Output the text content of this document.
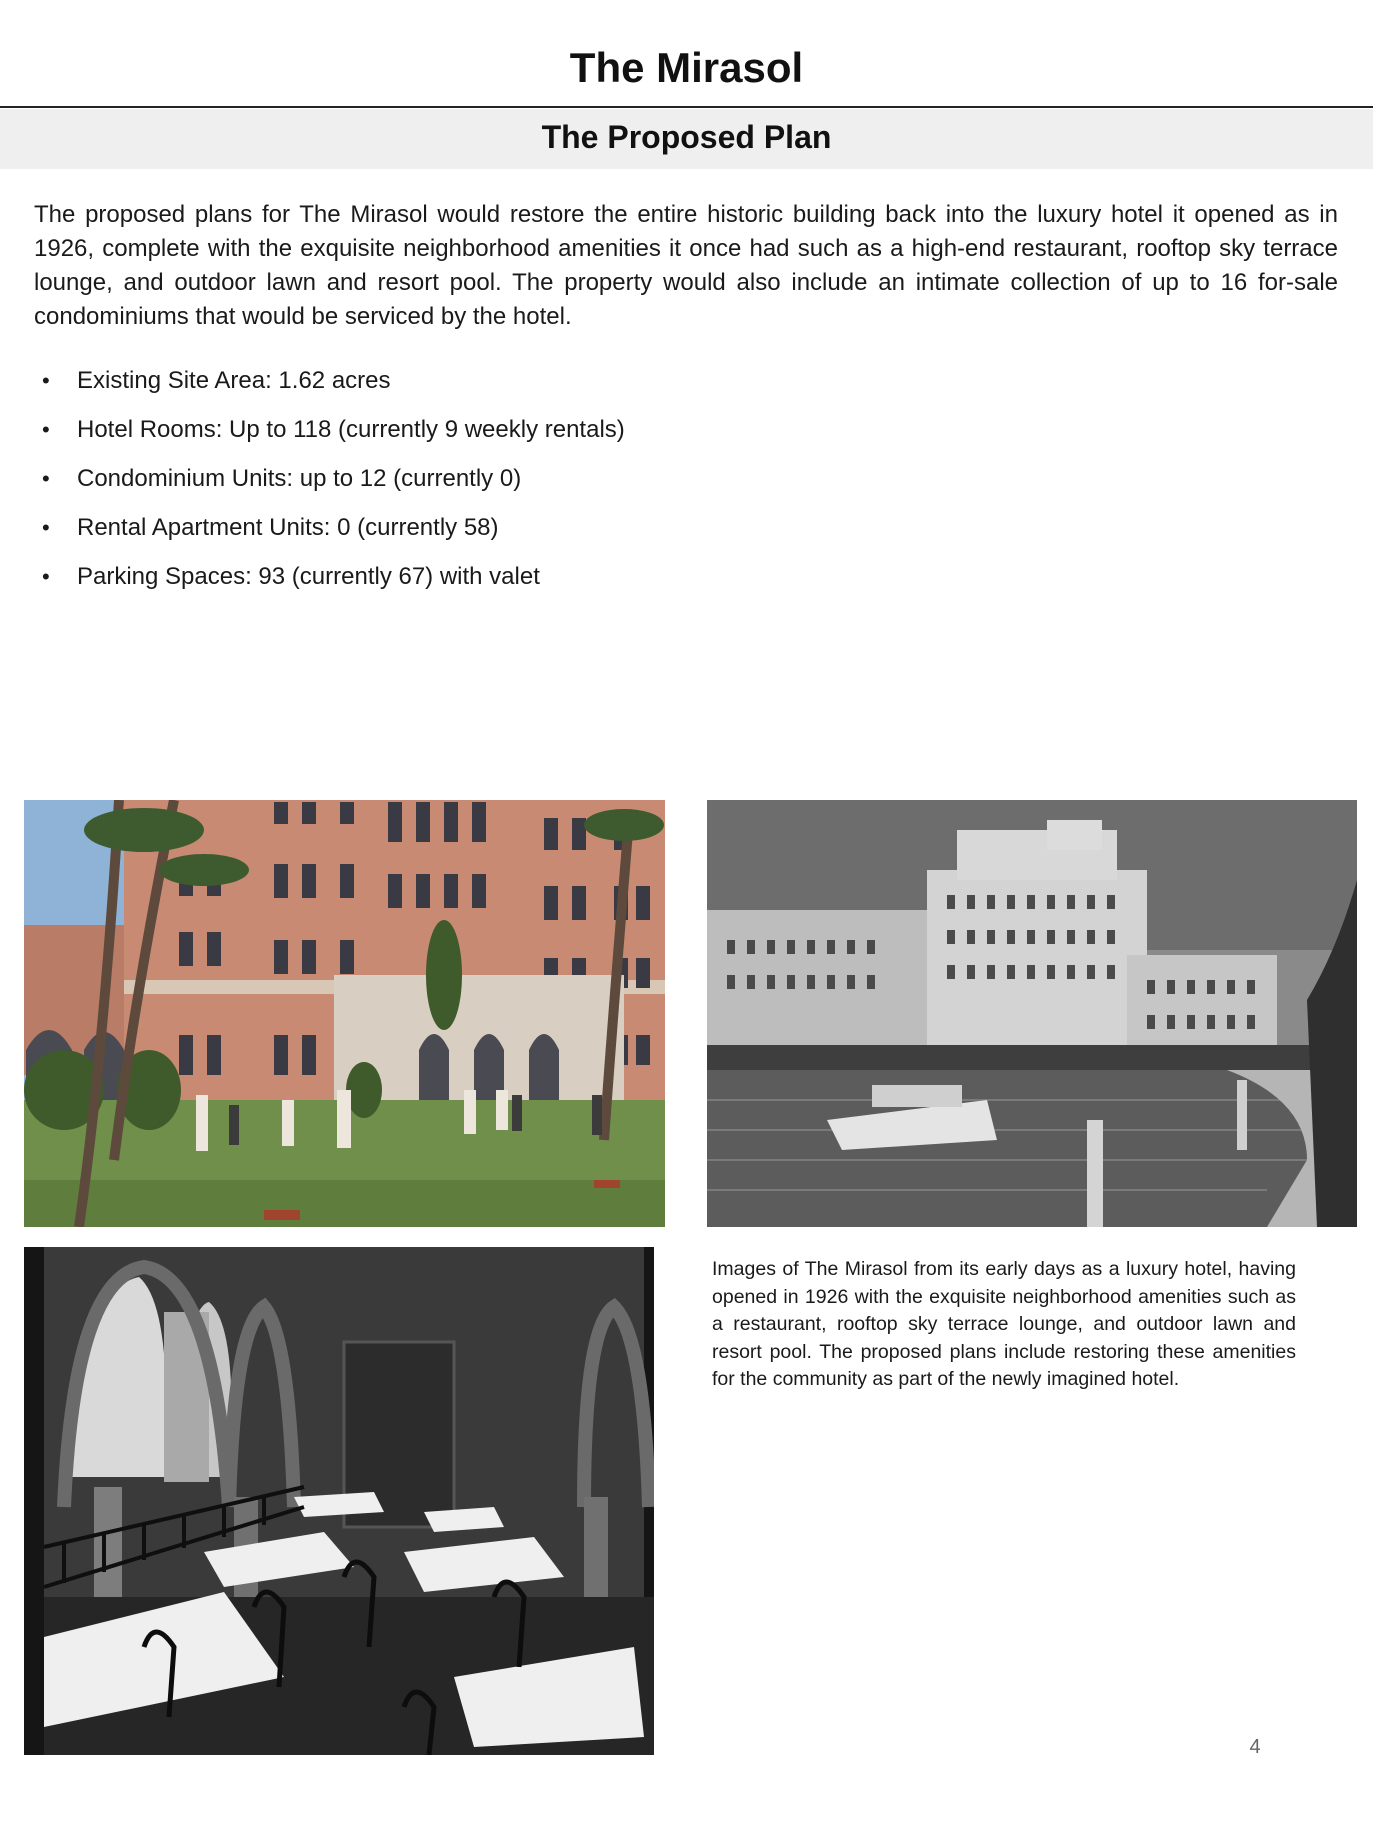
The Mirasol
The Proposed Plan

The proposed plans for The Mirasol would restore the entire historic building back into the luxury hotel it opened as in 1926, complete with the exquisite neighborhood amenities it once had such as a high-end restaurant, rooftop sky terrace lounge, and outdoor lawn and resort pool. The property would also include an intimate collection of up to 16 for-sale condominiums that would be serviced by the hotel.

• Existing Site Area: 1.62 acres
• Hotel Rooms: Up to 118 (currently 9 weekly rentals)
• Condominium Units: up to 12 (currently 0)
• Rental Apartment Units: 0 (currently 58)
• Parking Spaces: 93 (currently 67) with valet

Images of The Mirasol from its early days as a luxury hotel, having opened in 1926 with the exquisite neighborhood amenities such as a restaurant, rooftop sky terrace lounge, and outdoor lawn and resort pool. The proposed plans include restoring these amenities for the community as part of the newly imagined hotel.

4
